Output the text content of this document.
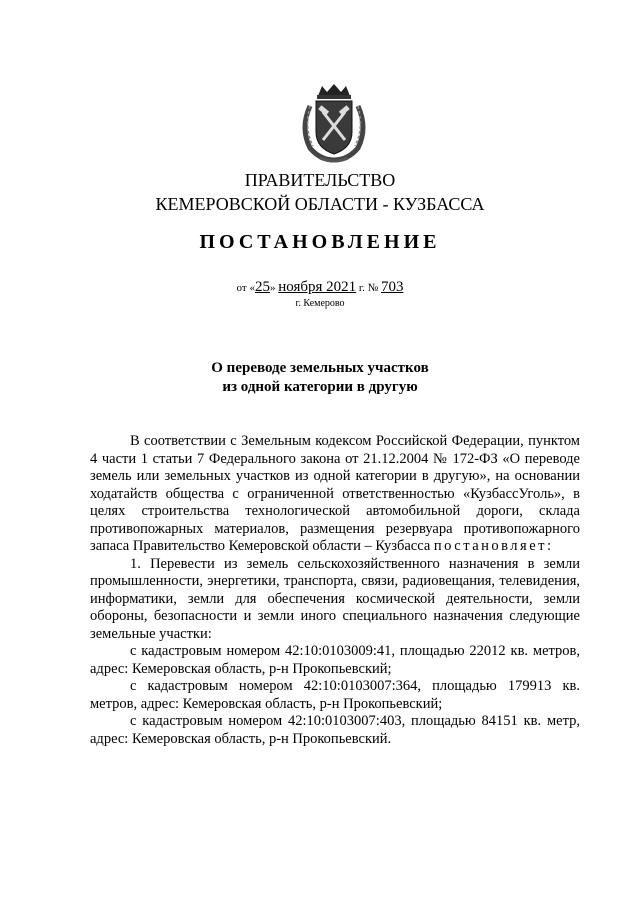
ПРАВИТЕЛЬСТВО
КЕМЕРОВСКОЙ ОБЛАСТИ - КУЗБАССА
ПОСТАНОВЛЕНИЕ
от «25» ноября 2021 г. № 703
г. Кемерово
О переводе земельных участков
из одной категории в другую

В соответствии с Земельным кодексом Российской Федерации, пунктом 4 части 1 статьи 7 Федерального закона от 21.12.2004 № 172-ФЗ «О переводе земель или земельных участков из одной категории в другую», на основании ходатайств общества с ограниченной ответственностью «КузбассУголь», в целях строительства технологической автомобильной дороги, склада противопожарных материалов, размещения резервуара противопожарного запаса Правительство Кемеровской области – Кузбасса постановляет:

1. Перевести из земель сельскохозяйственного назначения в земли промышленности, энергетики, транспорта, связи, радиовещания, телевидения, информатики, земли для обеспечения космической деятельности, земли обороны, безопасности и земли иного специального назначения следующие земельные участки:

с кадастровым номером 42:10:0103009:41, площадью 22012 кв. метров, адрес: Кемеровская область, р-н Прокопьевский;

с кадастровым номером 42:10:0103007:364, площадью 179913 кв. метров, адрес: Кемеровская область, р-н Прокопьевский;

с кадастровым номером 42:10:0103007:403, площадью 84151 кв. метр, адрес: Кемеровская область, р-н Прокопьевский.
